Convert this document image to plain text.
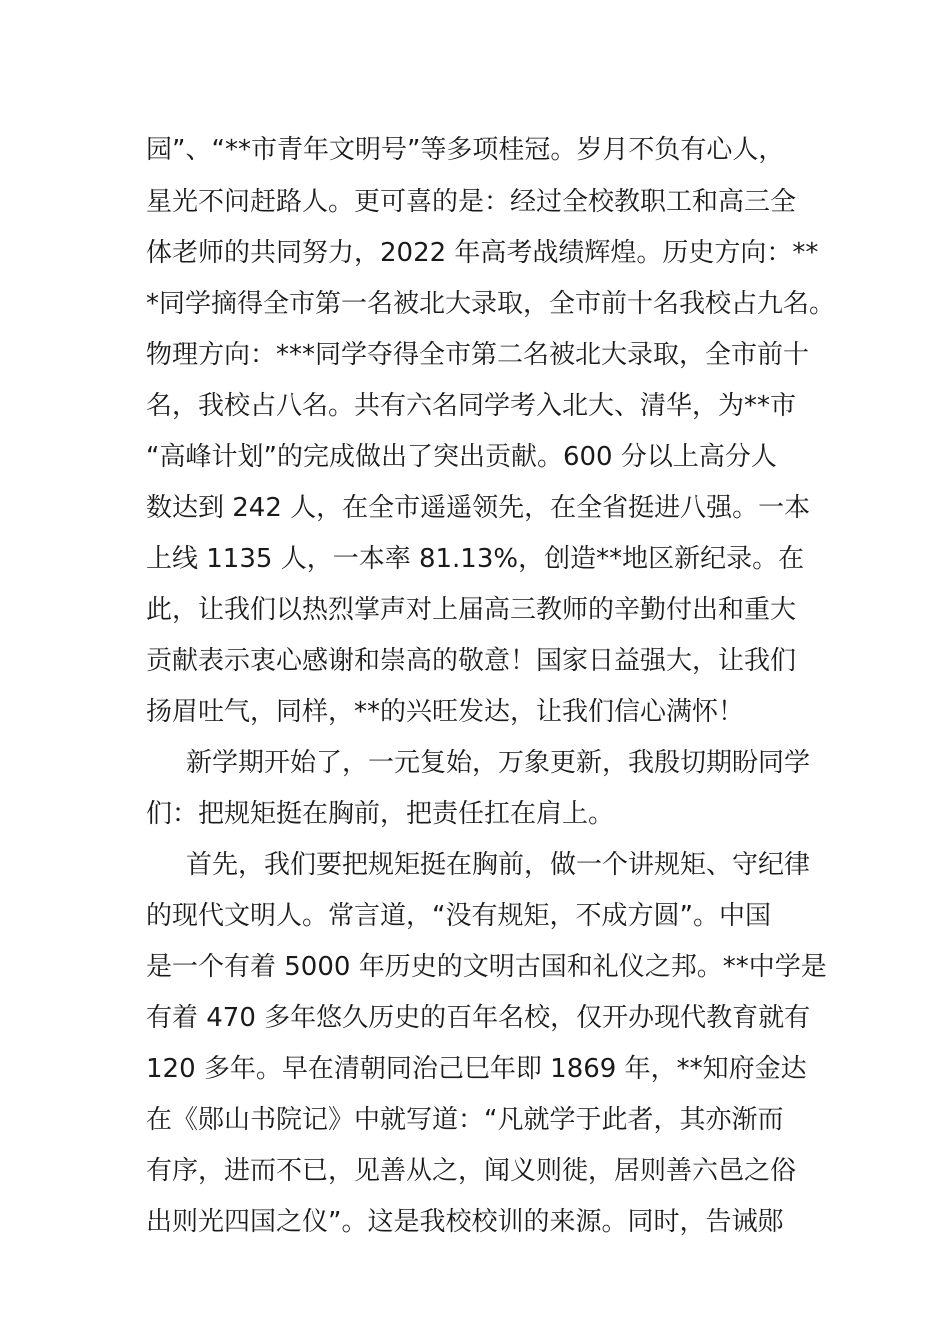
园”、“**市青年文明号”等多项桂冠。岁月不负有心人，
星光不问赶路人。更可喜的是：经过全校教职工和高三全
体老师的共同努力，2022 年高考战绩辉煌。历史方向：**
*同学摘得全市第一名被北大录取，全市前十名我校占九名。
物理方向：***同学夺得全市第二名被北大录取，全市前十
名，我校占八名。共有六名同学考入北大、清华，为**市
“高峰计划”的完成做出了突出贡献。600 分以上高分人
数达到 242 人，在全市遥遥领先，在全省挺进八强。一本
上线 1135 人，一本率 81.13%，创造**地区新纪录。在
此，让我们以热烈掌声对上届高三教师的辛勤付出和重大
贡献表示衷心感谢和崇高的敬意！国家日益强大，让我们
扬眉吐气，同样，**的兴旺发达，让我们信心满怀！
新学期开始了，一元复始，万象更新，我殷切期盼同学
们：把规矩挺在胸前，把责任扛在肩上。
首先，我们要把规矩挺在胸前，做一个讲规矩、守纪律
的现代文明人。常言道，“没有规矩，不成方圆”。中国
是一个有着 5000 年历史的文明古国和礼仪之邦。**中学是
有着 470 多年悠久历史的百年名校，仅开办现代教育就有
120 多年。早在清朝同治己巳年即 1869 年，**知府金达
在《郧山书院记》中就写道：“凡就学于此者，其亦渐而
有序，进而不已，见善从之，闻义则徙，居则善六邑之俗
出则光四国之仪”。这是我校校训的来源。同时，告诫郧
